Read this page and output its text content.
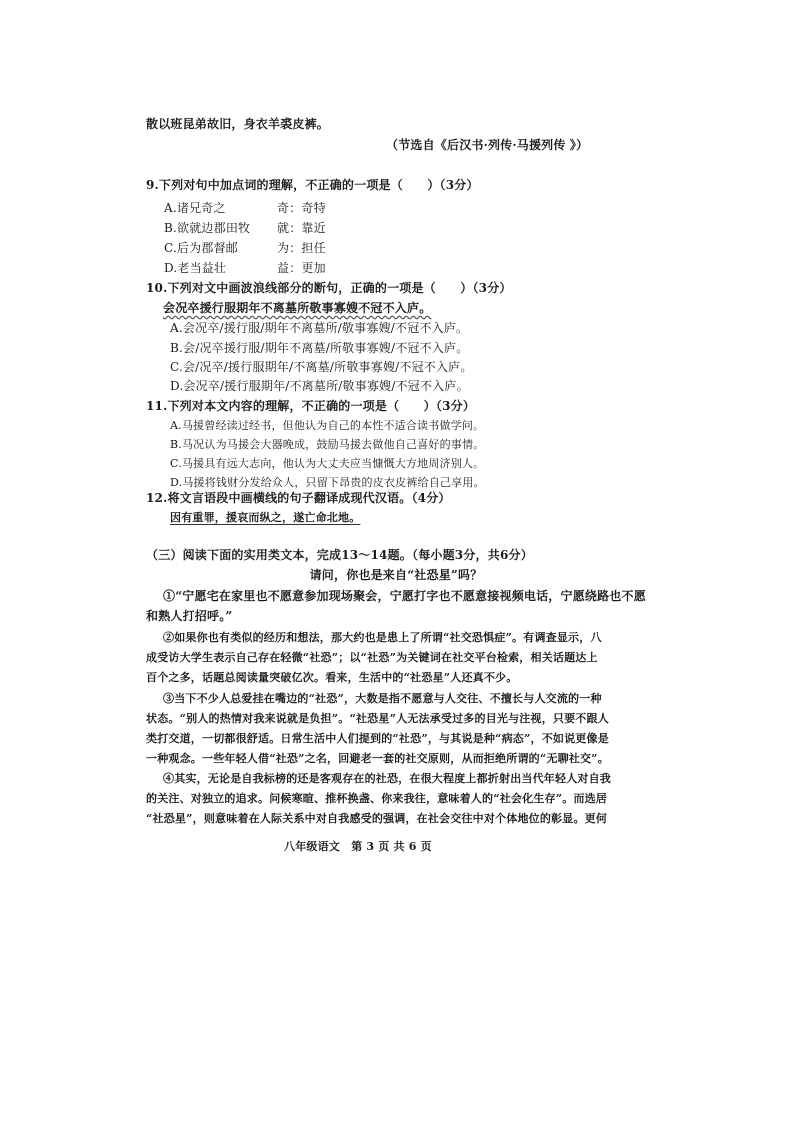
散以班昆弟故旧，身衣羊裘皮裤。
（节选自《后汉书·列传·马援列传 》）
9.下列对句中加点词的理解，不正确的一项是（　　）（3分）
A.诸兄奇之	奇：奇特
B.欲就边郡田牧 就：靠近
C.后为郡督邮	为：担任
D.老当益壮	益：更加
10.下列对文中画波浪线部分的断句，正确的一项是（　　）（3分）
会况卒援行服期年不离墓所敬事寡嫂不冠不入庐。
A.会况卒/援行服/期年不离墓所/敬事寡嫂/不冠不入庐。
B.会/况卒援行服/期年不离墓/所敬事寡嫂/不冠不入庐。
C.会/况卒/援行服期年/不离墓/所敬事寡嫂/不冠不入庐。
D.会况卒/援行服期年/不离墓所/敬事寡嫂/不冠不入庐。
11.下列对本文内容的理解，不正确的一项是（　　）（3分）
A.马援曾经读过经书，但他认为自己的本性不适合读书做学问。
B.马况认为马援会大器晚成，鼓励马援去做他自己喜好的事情。
C.马援具有远大志向，他认为大丈夫应当慷慨大方地周济别人。
D.马援将钱财分发给众人，只留下昂贵的皮衣皮裤给自己享用。
12.将文言语段中画横线的句子翻译成现代汉语。（4分）
因有重罪，援哀而纵之，遂亡命北地。
（三）阅读下面的实用类文本，完成13～14题。（每小题3分，共6分）
请问，你也是来自“社恐星”吗？
①“宁愿宅在家里也不愿意参加现场聚会，宁愿打字也不愿意接视频电话，宁愿绕路也不愿
和熟人打招呼。”
②如果你也有类似的经历和想法，那大约也是患上了所谓“社交恐惧症”。有调查显示，八
成受访大学生表示自己存在轻微“社恐”；以“社恐”为关键词在社交平台检索，相关话题达上
百个之多，话题总阅读量突破亿次。看来，生活中的“社恐星”人还真不少。
③当下不少人总爱挂在嘴边的“社恐”，大数是指不愿意与人交往、不擅长与人交流的一种
状态。“别人的热情对我来说就是负担”。“社恐星”人无法承受过多的目光与注视，只要不跟人
类打交道，一切都很舒适。日常生活中人们提到的“社恐”，与其说是种“病态”，不如说更像是
一种观念。一些年轻人借“社恐”之名，回避老一套的社交原则，从而拒绝所谓的“无聊社交”。
④其实，无论是自我标榜的还是客观存在的社恐，在很大程度上都折射出当代年轻人对自我
的关注、对独立的追求。问候寒暄、推杯换盏、你来我往，意味着人的“社会化生存”。而选居
“社恐星”，则意味着在人际关系中对自我感受的强调，在社会交往中对个体地位的彰显。更何
八年级语文　第 3 页 共 6 页
